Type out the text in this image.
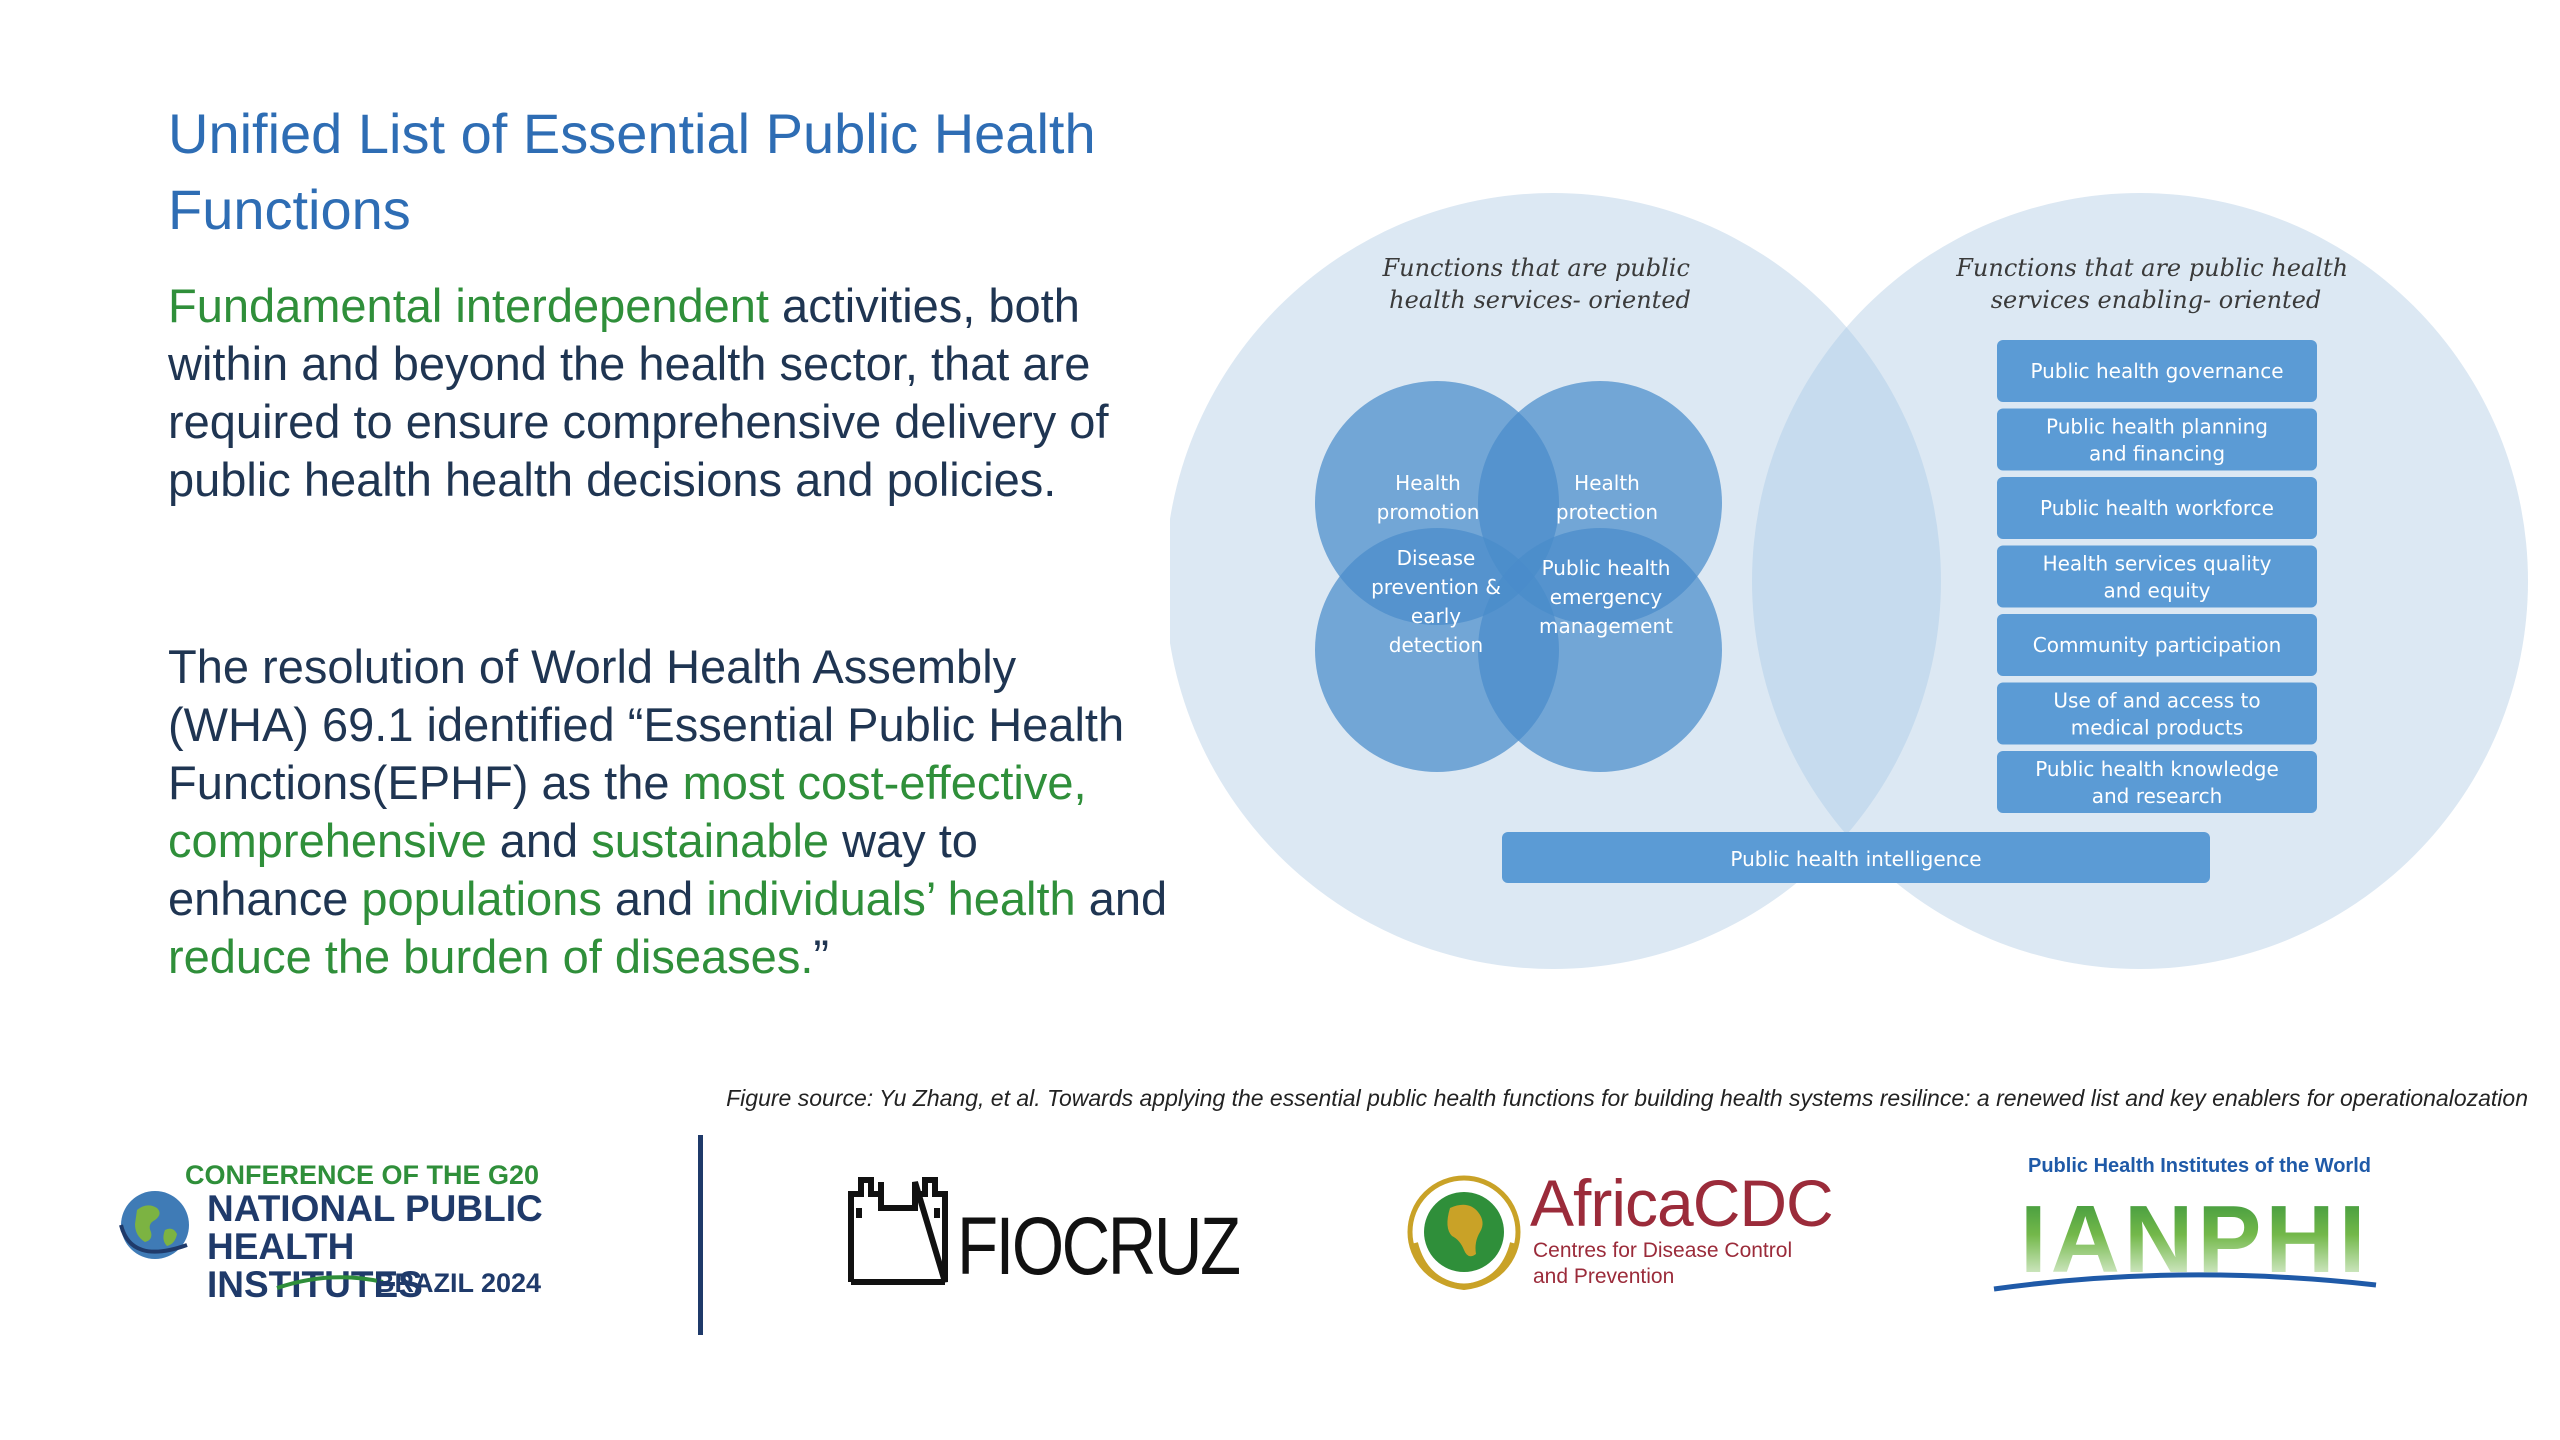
Unified List of Essential Public Health Functions
Fundamental interdependent activities, both within and beyond the health sector, that are required to ensure comprehensive delivery of public health health decisions and policies.
The resolution of World Health Assembly (WHA) 69.1 identified “Essential Public Health Functions(EPHF) as the most cost-effective, comprehensive and sustainable way to enhance populations and individuals’ health and reduce the burden of diseases.”
Functions that are public health services- oriented
Functions that are public health services enabling- oriented
Health promotion
Health protection
Disease prevention & early detection
Public health emergency management
Public health governance
Public health planning and financing
Public health workforce
Health services quality and equity
Community participation
Use of and access to medical products
Public health knowledge and research
Public health intelligence
Figure source: Yu Zhang, et al. Towards applying the essential public health functions for building health systems resilince: a renewed list and key enablers for operationalozation
CONFERENCE OF THE G20
NATIONAL PUBLIC
HEALTH INSTITUTES
BRAZIL 2024	FIOCRUZ	AfricaCDC
Centres for Disease Control
and Prevention
Public Health Institutes of the World
IANPHI
